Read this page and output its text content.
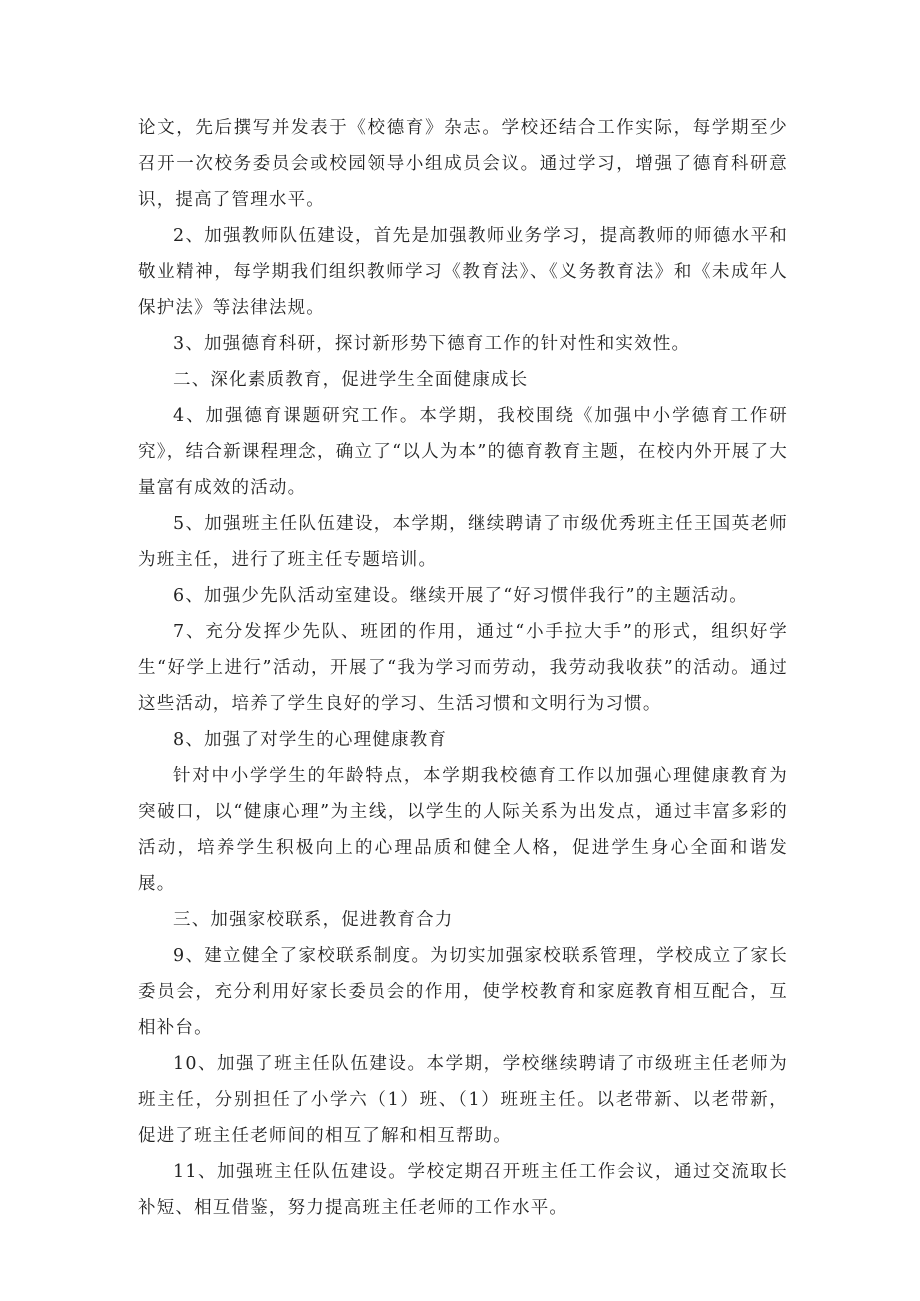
论文，先后撰写并发表于《校德育》杂志。学校还结合工作实际，每学期至少召开一次校务委员会或校园领导小组成员会议。通过学习，增强了德育科研意识，提高了管理水平。

2、加强教师队伍建设，首先是加强教师业务学习，提高教师的师德水平和敬业精神，每学期我们组织教师学习《教育法》、《义务教育法》和《未成年人保护法》等法律法规。

3、加强德育科研，探讨新形势下德育工作的针对性和实效性。

二、深化素质教育，促进学生全面健康成长

4、加强德育课题研究工作。本学期，我校围绕《加强中小学德育工作研究》，结合新课程理念，确立了“以人为本”的德育教育主题，在校内外开展了大量富有成效的活动。

5、加强班主任队伍建设，本学期，继续聘请了市级优秀班主任王国英老师为班主任，进行了班主任专题培训。

6、加强少先队活动室建设。继续开展了“好习惯伴我行”的主题活动。

7、充分发挥少先队、班团的作用，通过“小手拉大手”的形式，组织好学生“好学上进行”活动，开展了“我为学习而劳动，我劳动我收获”的活动。通过这些活动，培养了学生良好的学习、生活习惯和文明行为习惯。

8、加强了对学生的心理健康教育

针对中小学学生的年龄特点，本学期我校德育工作以加强心理健康教育为突破口，以“健康心理”为主线，以学生的人际关系为出发点，通过丰富多彩的活动，培养学生积极向上的心理品质和健全人格，促进学生身心全面和谐发展。

三、加强家校联系，促进教育合力

9、建立健全了家校联系制度。为切实加强家校联系管理，学校成立了家长委员会，充分利用好家长委员会的作用，使学校教育和家庭教育相互配合，互相补台。

10、加强了班主任队伍建设。本学期，学校继续聘请了市级班主任老师为班主任，分别担任了小学六（1）班、（1）班班主任。以老带新、以老带新，促进了班主任老师间的相互了解和相互帮助。

11、加强班主任队伍建设。学校定期召开班主任工作会议，通过交流取长补短、相互借鉴，努力提高班主任老师的工作水平。
